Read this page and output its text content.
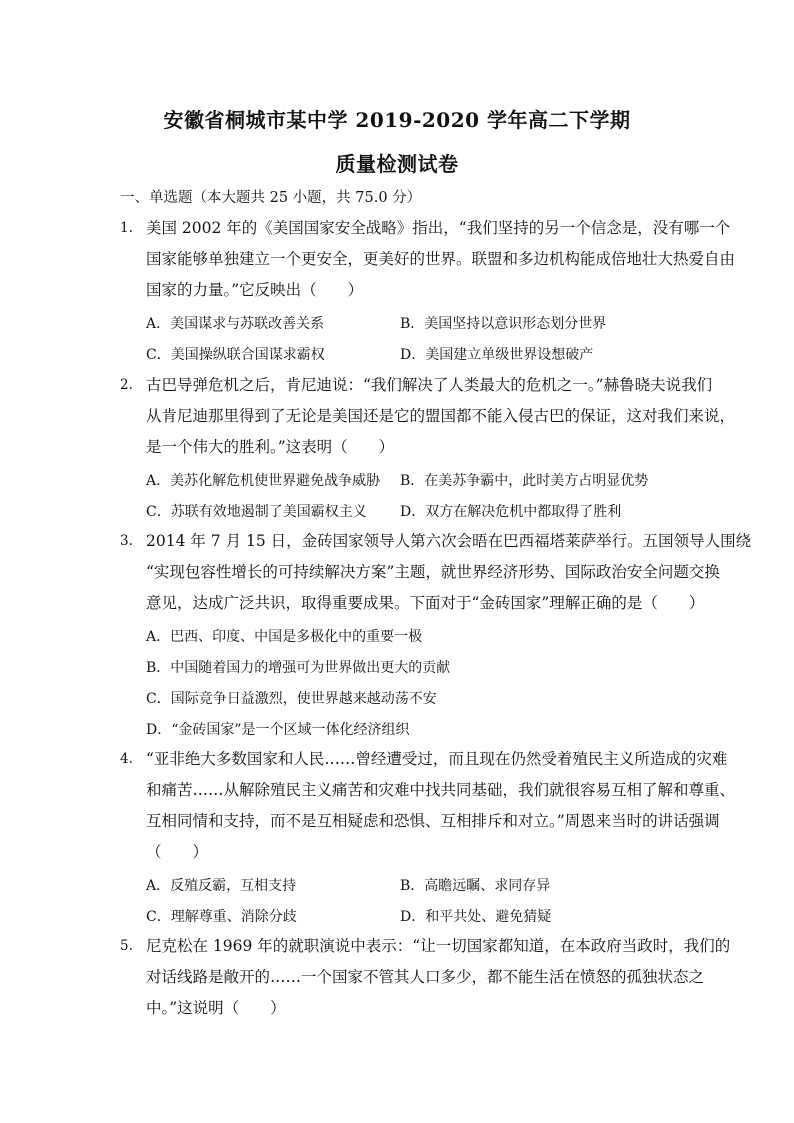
安徽省桐城市某中学 2019-2020 学年高二下学期
质量检测试卷
一、单选题（本大题共 25 小题，共 75.0 分）
1. 美国 2002 年的《美国国家安全战略》指出，“我们坚持的另一个信念是，没有哪一个
国家能够单独建立一个更安全，更美好的世界。联盟和多边机构能成倍地壮大热爱自由
国家的力量。”它反映出（　　）
A．美国谋求与苏联改善关系	B．美国坚持以意识形态划分世界
C．美国操纵联合国谋求霸权	D．美国建立单级世界设想破产
2. 古巴导弹危机之后，肯尼迪说：“我们解决了人类最大的危机之一。”赫鲁晓夫说我们
从肯尼迪那里得到了无论是美国还是它的盟国都不能入侵古巴的保证，这对我们来说，
是一个伟大的胜利。”这表明（　　）
A．美苏化解危机使世界避免战争威胁 B．在美苏争霸中，此时美方占明显优势
C．苏联有效地遏制了美国霸权主义 D．双方在解决危机中都取得了胜利
3. 2014 年 7 月 15 日，金砖国家领导人第六次会晤在巴西福塔莱萨举行。五国领导人围绕
“实现包容性增长的可持续解决方案”主题，就世界经济形势、国际政治安全问题交换
意见，达成广泛共识，取得重要成果。下面对于“金砖国家”理解正确的是（　　）
A．巴西、印度、中国是多极化中的重要一极
B．中国随着国力的增强可为世界做出更大的贡献
C．国际竞争日益激烈，使世界越来越动荡不安
D．“金砖国家”是一个区域一体化经济组织
4. “亚非绝大多数国家和人民……曾经遭受过，而且现在仍然受着殖民主义所造成的灾难
和痛苦……从解除殖民主义痛苦和灾难中找共同基础，我们就很容易互相了解和尊重、
互相同情和支持，而不是互相疑虑和恐惧、互相排斥和对立。”周恩来当时的讲话强调
（　　）
A．反殖反霸，互相支持	B．高瞻远瞩、求同存异
C．理解尊重、消除分歧	D．和平共处、避免猜疑
5. 尼克松在 1969 年的就职演说中表示：“让一切国家都知道，在本政府当政时，我们的
对话线路是敞开的……一个国家不管其人口多少，都不能生活在愤怒的孤独状态之
中。”这说明（　　）
